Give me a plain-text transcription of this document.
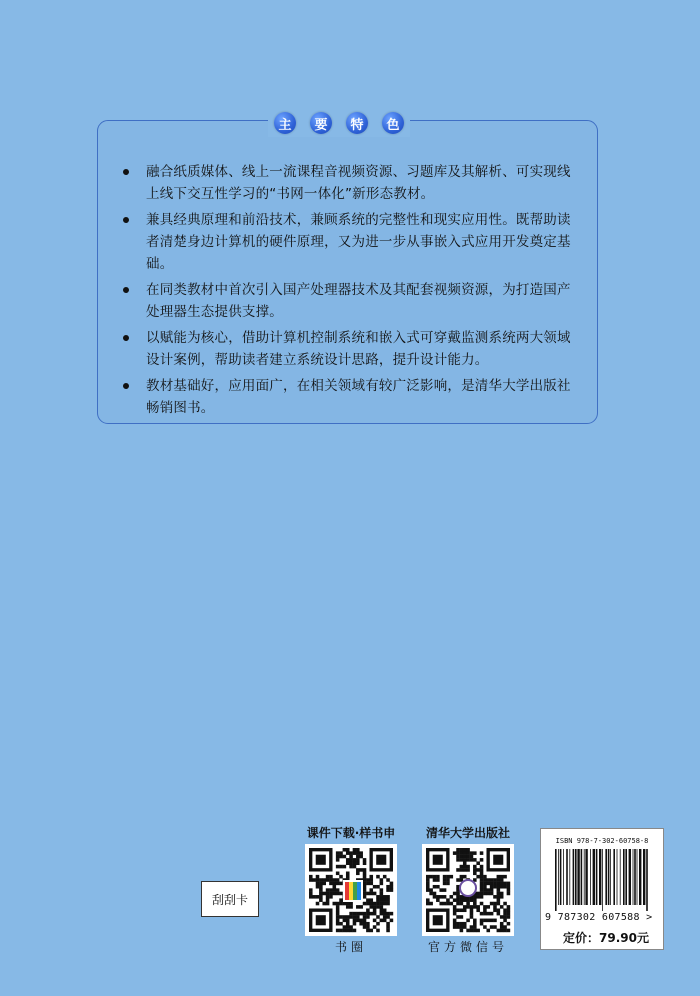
主	要	特	色
融合纸质媒体、线上一流课程音视频资源、习题库及其解析、可实现线上线下交互性学习的“书网一体化”新形态教材。
兼具经典原理和前沿技术，兼顾系统的完整性和现实应用性。既帮助读者清楚身边计算机的硬件原理，又为进一步从事嵌入式应用开发奠定基础。
在同类教材中首次引入国产处理器技术及其配套视频资源，为打造国产处理器生态提供支撑。
以赋能为核心，借助计算机控制系统和嵌入式可穿戴监测系统两大领域设计案例，帮助读者建立系统设计思路，提升设计能力。
教材基础好，应用面广，在相关领域有较广泛影响，是清华大学出版社畅销图书。
刮刮卡
课件下载·样书申
书圈
清华大学出版社
官方微信号
ISBN 978-7-302-60758-8
9 787302 607588 >
定价：79.90元
